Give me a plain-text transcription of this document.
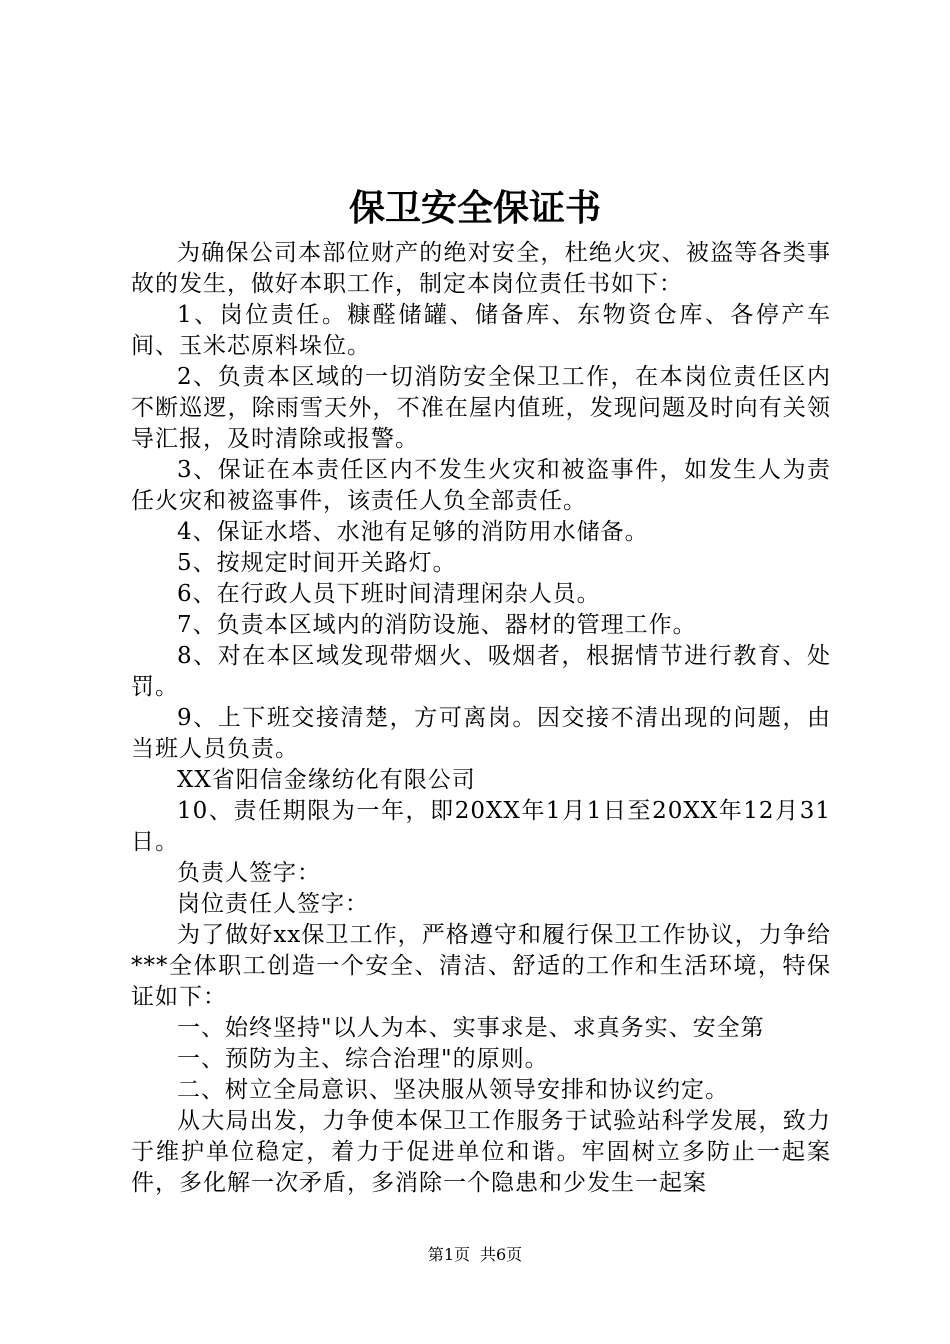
保卫安全保证书

为确保公司本部位财产的绝对安全，杜绝火灾、被盗等各类事故的发生，做好本职工作，制定本岗位责任书如下：

1、岗位责任。糠醛储罐、储备库、东物资仓库、各停产车间、玉米芯原料垛位。

2、负责本区域的一切消防安全保卫工作，在本岗位责任区内不断巡逻，除雨雪天外，不准在屋内值班，发现问题及时向有关领导汇报，及时清除或报警。

3、保证在本责任区内不发生火灾和被盗事件，如发生人为责任火灾和被盗事件，该责任人负全部责任。

4、保证水塔、水池有足够的消防用水储备。

5、按规定时间开关路灯。

6、在行政人员下班时间清理闲杂人员。

7、负责本区域内的消防设施、器材的管理工作。

8、对在本区域发现带烟火、吸烟者，根据情节进行教育、处罚。

9、上下班交接清楚，方可离岗。因交接不清出现的问题，由当班人员负责。

XX省阳信金缘纺化有限公司

10、责任期限为一年，即20XX年1月1日至20XX年12月31日。

负责人签字：

岗位责任人签字：

为了做好xx保卫工作，严格遵守和履行保卫工作协议，力争给***全体职工创造一个安全、清洁、舒适的工作和生活环境，特保证如下：

一、始终坚持"以人为本、实事求是、求真务实、安全第

一、预防为主、综合治理"的原则。

二、树立全局意识、坚决服从领导安排和协议约定。

从大局出发，力争使本保卫工作服务于试验站科学发展，致力于维护单位稳定，着力于促进单位和谐。牢固树立多防止一起案件，多化解一次矛盾，多消除一个隐患和少发生一起案

第1页 共6页
